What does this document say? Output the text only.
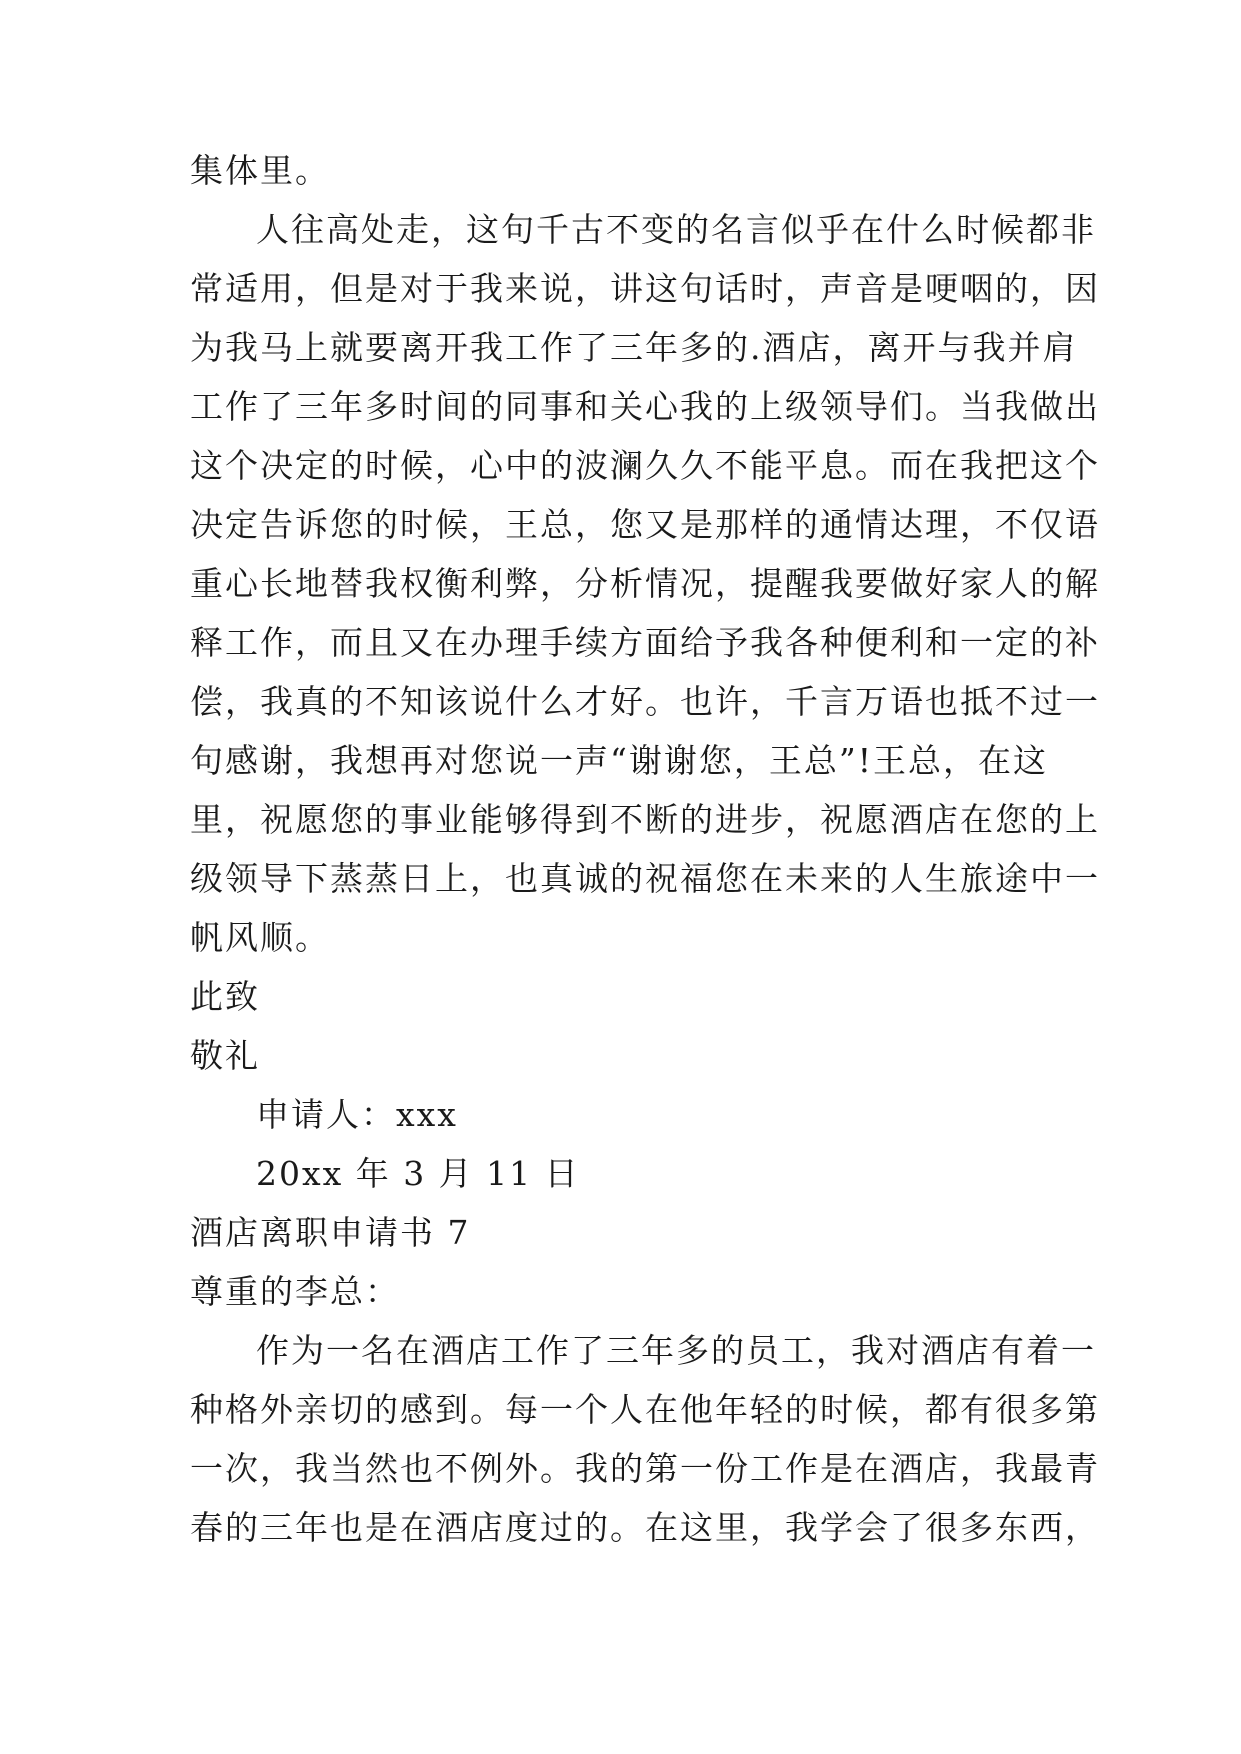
集体里。

人往高处走，这句千古不变的名言似乎在什么时候都非

常适用，但是对于我来说，讲这句话时，声音是哽咽的，因

为我马上就要离开我工作了三年多的.酒店，离开与我并肩

工作了三年多时间的同事和关心我的上级领导们。当我做出

这个决定的时候，心中的波澜久久不能平息。而在我把这个

决定告诉您的时候，王总，您又是那样的通情达理，不仅语

重心长地替我权衡利弊，分析情况，提醒我要做好家人的解

释工作，而且又在办理手续方面给予我各种便利和一定的补

偿，我真的不知该说什么才好。也许，千言万语也抵不过一

句感谢，我想再对您说一声“谢谢您，王总”!王总，在这

里，祝愿您的事业能够得到不断的进步，祝愿酒店在您的上

级领导下蒸蒸日上，也真诚的祝福您在未来的人生旅途中一

帆风顺。

此致

敬礼

申请人：xxx

20xx 年 3 月 11 日

酒店离职申请书 7

尊重的李总：

作为一名在酒店工作了三年多的员工，我对酒店有着一

种格外亲切的感到。每一个人在他年轻的时候，都有很多第

一次，我当然也不例外。我的第一份工作是在酒店，我最青

春的三年也是在酒店度过的。在这里，我学会了很多东西，
